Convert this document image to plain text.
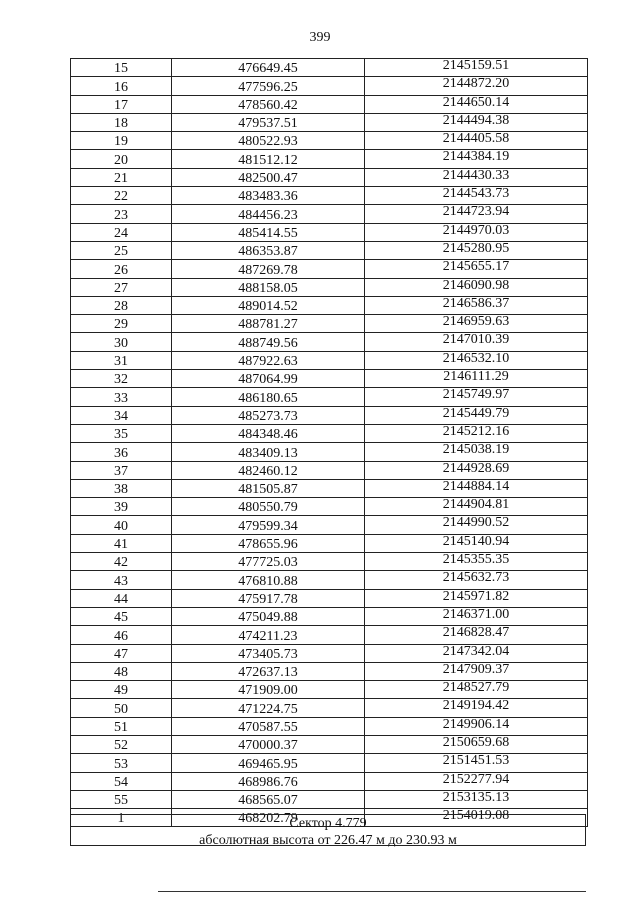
399
15	476649.45	2145159.51
16	477596.25	2144872.20
17	478560.42	2144650.14
18	479537.51	2144494.38
19	480522.93	2144405.58
20	481512.12	2144384.19
21	482500.47	2144430.33
22	483483.36	2144543.73
23	484456.23	2144723.94
24	485414.55	2144970.03
25	486353.87	2145280.95
26	487269.78	2145655.17
27	488158.05	2146090.98
28	489014.52	2146586.37
29	488781.27	2146959.63
30	488749.56	2147010.39
31	487922.63	2146532.10
32	487064.99	2146111.29
33	486180.65	2145749.97
34	485273.73	2145449.79
35	484348.46	2145212.16
36	483409.13	2145038.19
37	482460.12	2144928.69
38	481505.87	2144884.14
39	480550.79	2144904.81
40	479599.34	2144990.52
41	478655.96	2145140.94
42	477725.03	2145355.35
43	476810.88	2145632.73
44	475917.78	2145971.82
45	475049.88	2146371.00
46	474211.23	2146828.47
47	473405.73	2147342.04
48	472637.13	2147909.37
49	471909.00	2148527.79
50	471224.75	2149194.42
51	470587.55	2149906.14
52	470000.37	2150659.68
53	469465.95	2151451.53
54	468986.76	2152277.94
55	468565.07	2153135.13
1	468202.79	2154019.08
Сектор 4.779
абсолютная высота от 226.47 м до 230.93 м
